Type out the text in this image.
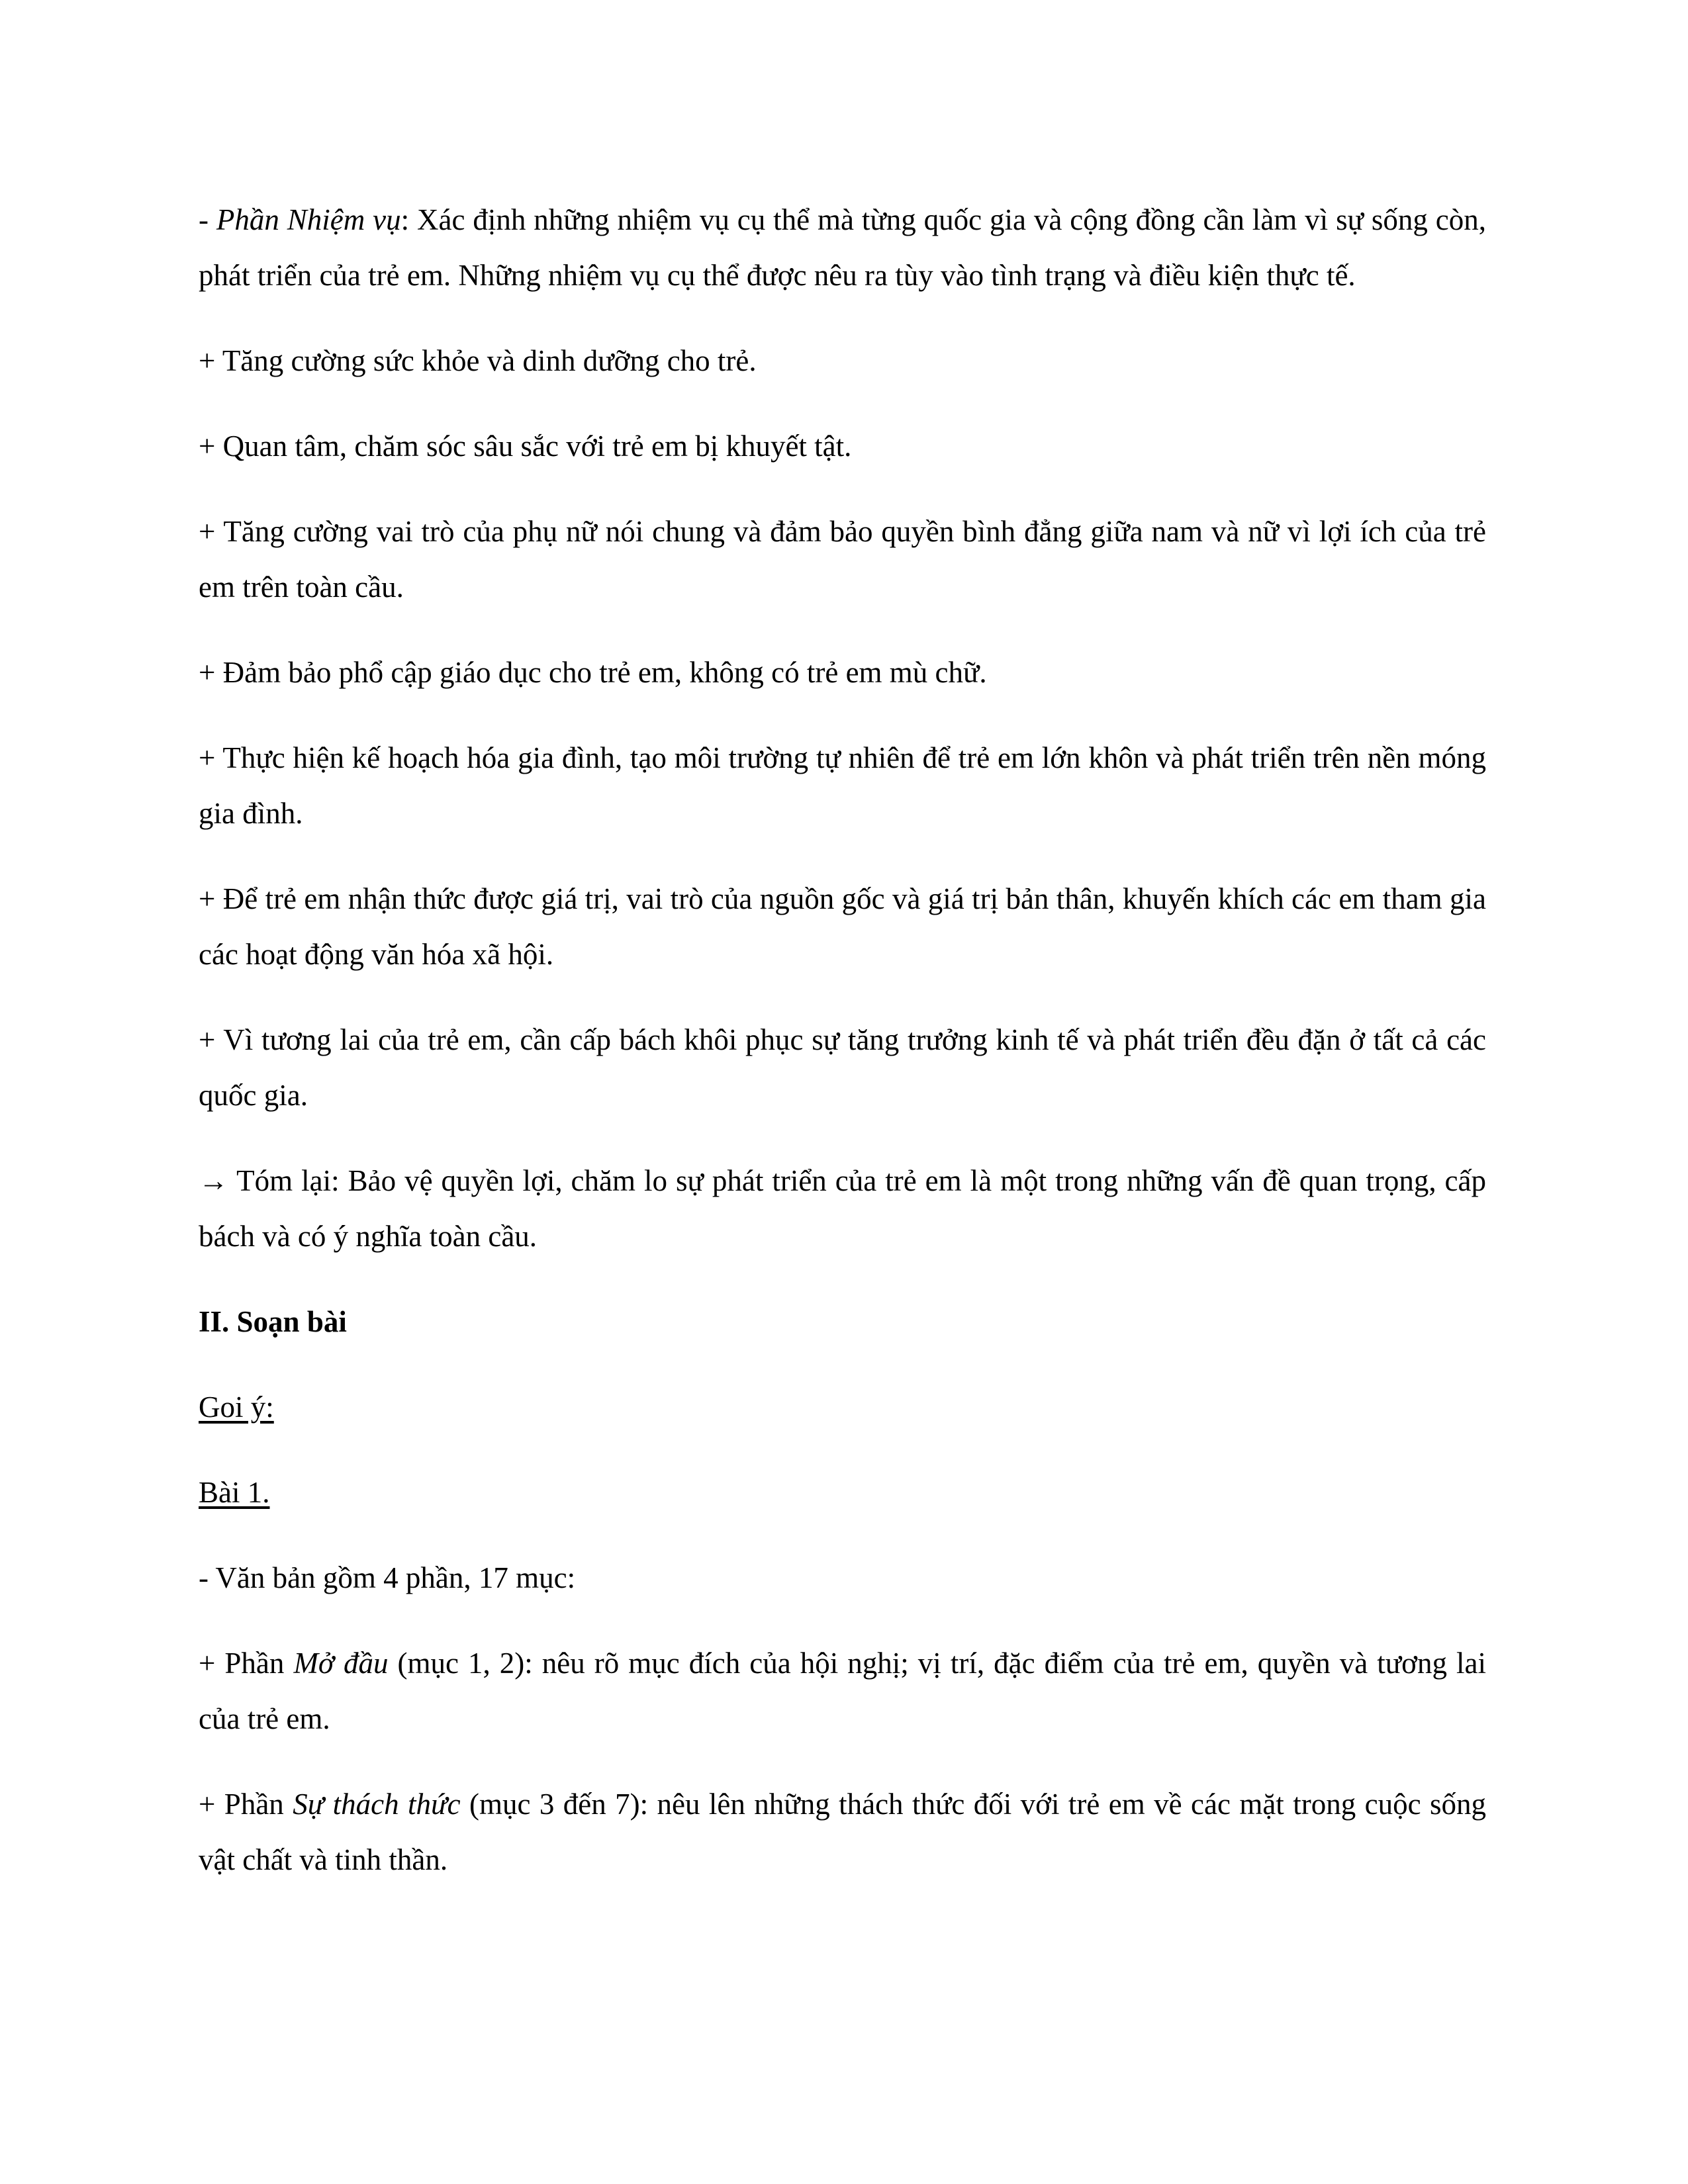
- Phần Nhiệm vụ: Xác định những nhiệm vụ cụ thể mà từng quốc gia và cộng đồng cần làm vì sự sống còn, phát triển của trẻ em. Những nhiệm vụ cụ thể được nêu ra tùy vào tình trạng và điều kiện thực tế.

+ Tăng cường sức khỏe và dinh dưỡng cho trẻ.

+ Quan tâm, chăm sóc sâu sắc với trẻ em bị khuyết tật.

+ Tăng cường vai trò của phụ nữ nói chung và đảm bảo quyền bình đẳng giữa nam và nữ vì lợi ích của trẻ em trên toàn cầu.

+ Đảm bảo phổ cập giáo dục cho trẻ em, không có trẻ em mù chữ.

+ Thực hiện kế hoạch hóa gia đình, tạo môi trường tự nhiên để trẻ em lớn khôn và phát triển trên nền móng gia đình.

+ Để trẻ em nhận thức được giá trị, vai trò của nguồn gốc và giá trị bản thân, khuyến khích các em tham gia các hoạt động văn hóa xã hội.

+ Vì tương lai của trẻ em, cần cấp bách khôi phục sự tăng trưởng kinh tế và phát triển đều đặn ở tất cả các quốc gia.

→ Tóm lại: Bảo vệ quyền lợi, chăm lo sự phát triển của trẻ em là một trong những vấn đề quan trọng, cấp bách và có ý nghĩa toàn cầu.

II. Soạn bài

Goi ý:

Bài 1.

- Văn bản gồm 4 phần, 17 mục:

+ Phần Mở đầu (mục 1, 2): nêu rõ mục đích của hội nghị; vị trí, đặc điểm của trẻ em, quyền và tương lai của trẻ em.

+ Phần Sự thách thức (mục 3 đến 7): nêu lên những thách thức đối với trẻ em về các mặt trong cuộc sống vật chất và tinh thần.
